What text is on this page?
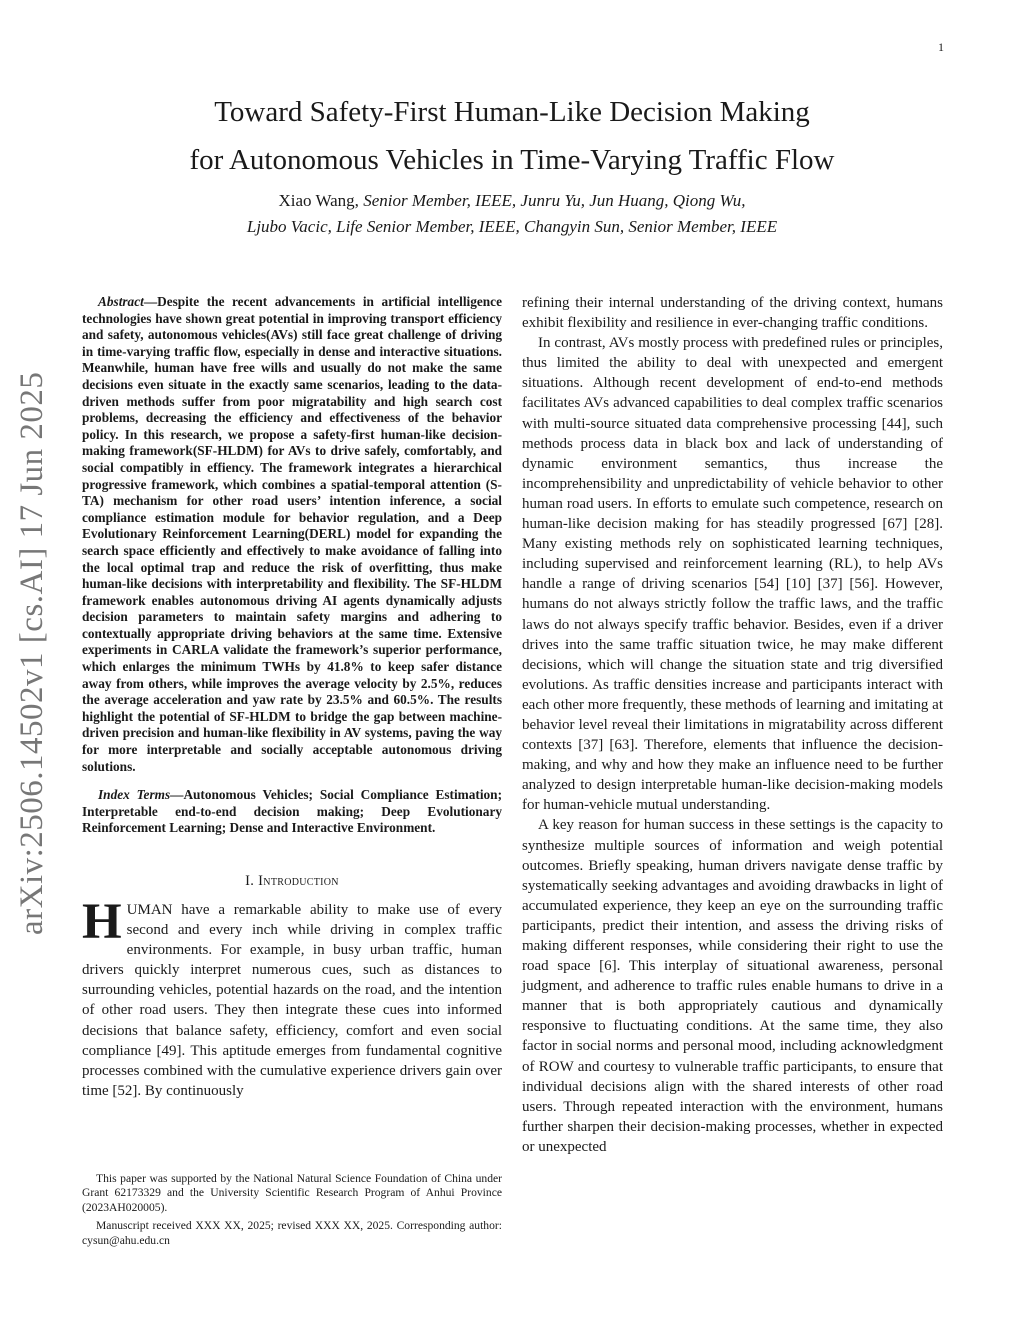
1
arXiv:2506.14502v1 [cs.AI] 17 Jun 2025
Toward Safety-First Human-Like Decision Making
for Autonomous Vehicles in Time-Varying Traffic Flow
Xiao Wang, Senior Member, IEEE, Junru Yu, Jun Huang, Qiong Wu,
Ljubo Vacic, Life Senior Member, IEEE, Changyin Sun, Senior Member, IEEE

Abstract—Despite the recent advancements in artificial intelligence technologies have shown great potential in improving transport efficiency and safety, autonomous vehicles(AVs) still face great challenge of driving in time-varying traffic flow, especially in dense and interactive situations. Meanwhile, human have free wills and usually do not make the same decisions even situate in the exactly same scenarios, leading to the data-driven methods suffer from poor migratability and high search cost problems, decreasing the efficiency and effectiveness of the behavior policy. In this research, we propose a safety-first human-like decision-making framework(SF-HLDM) for AVs to drive safely, comfortably, and social compatibly in effiency. The framework integrates a hierarchical progressive framework, which combines a spatial-temporal attention (S-TA) mechanism for other road users’ intention inference, a social compliance estimation module for behavior regulation, and a Deep Evolutionary Reinforcement Learning(DERL) model for expanding the search space efficiently and effectively to make avoidance of falling into the local optimal trap and reduce the risk of overfitting, thus make human-like decisions with interpretability and flexibility. The SF-HLDM framework enables autonomous driving AI agents dynamically adjusts decision parameters to maintain safety margins and adhering to contextually appropriate driving behaviors at the same time. Extensive experiments in CARLA validate the framework’s superior performance, which enlarges the minimum TWHs by 41.8% to keep safer distance away from others, while improves the average velocity by 2.5%, reduces the average acceleration and yaw rate by 23.5% and 60.5%. The results highlight the potential of SF-HLDM to bridge the gap between machine-driven precision and human-like flexibility in AV systems, paving the way for more interpretable and socially acceptable autonomous driving solutions.

Index Terms—Autonomous Vehicles; Social Compliance Estimation; Interpretable end-to-end decision making; Deep Evolutionary Reinforcement Learning; Dense and Interactive Environment.

I. Introduction
HUMAN have a remarkable ability to make use of every second and every inch while driving in complex traffic environments. For example, in busy urban traffic, human drivers quickly interpret numerous cues, such as distances to surrounding vehicles, potential hazards on the road, and the intention of other road users. They then integrate these cues into informed decisions that balance safety, efficiency, comfort and even social compliance [49]. This aptitude emerges from fundamental cognitive processes combined with the cumulative experience drivers gain over time [52]. By continuously

This paper was supported by the National Natural Science Foundation of China under Grant 62173329 and the University Scientific Research Program of Anhui Province (2023AH020005).

Manuscript received XXX XX, 2025; revised XXX XX, 2025. Corresponding author: cysun@ahu.edu.cn

refining their internal understanding of the driving context, humans exhibit flexibility and resilience in ever-changing traffic conditions.

In contrast, AVs mostly process with predefined rules or principles, thus limited the ability to deal with unexpected and emergent situations. Although recent development of end-to-end methods facilitates AVs advanced capabilities to deal complex traffic scenarios with multi-source situated data comprehensive processing [44], such methods process data in black box and lack of understanding of dynamic environment semantics, thus increase the incomprehensibility and unpredictability of vehicle behavior to other human road users. In efforts to emulate such competence, research on human-like decision making for has steadily progressed [67] [28]. Many existing methods rely on sophisticated learning techniques, including supervised and reinforcement learning (RL), to help AVs handle a range of driving scenarios [54] [10] [37] [56]. However, humans do not always strictly follow the traffic laws, and the traffic laws do not always specify traffic behavior. Besides, even if a driver drives into the same traffic situation twice, he may make different decisions, which will change the situation state and trig diversified evolutions. As traffic densities increase and participants interact with each other more frequently, these methods of learning and imitating at behavior level reveal their limitations in migratability across different contexts [37] [63]. Therefore, elements that influence the decision-making, and why and how they make an influence need to be further analyzed to design interpretable human-like decision-making models for human-vehicle mutual understanding.

A key reason for human success in these settings is the capacity to synthesize multiple sources of information and weigh potential outcomes. Briefly speaking, human drivers navigate dense traffic by systematically seeking advantages and avoiding drawbacks in light of accumulated experience, they keep an eye on the surrounding traffic participants, predict their intention, and assess the driving risks of making different responses, while considering their right to use the road space [6]. This interplay of situational awareness, personal judgment, and adherence to traffic rules enable humans to drive in a manner that is both appropriately cautious and dynamically responsive to fluctuating conditions. At the same time, they also factor in social norms and personal mood, including acknowledgment of ROW and courtesy to vulnerable traffic participants, to ensure that individual decisions align with the shared interests of other road users. Through repeated interaction with the environment, humans further sharpen their decision-making processes, whether in expected or unexpected
